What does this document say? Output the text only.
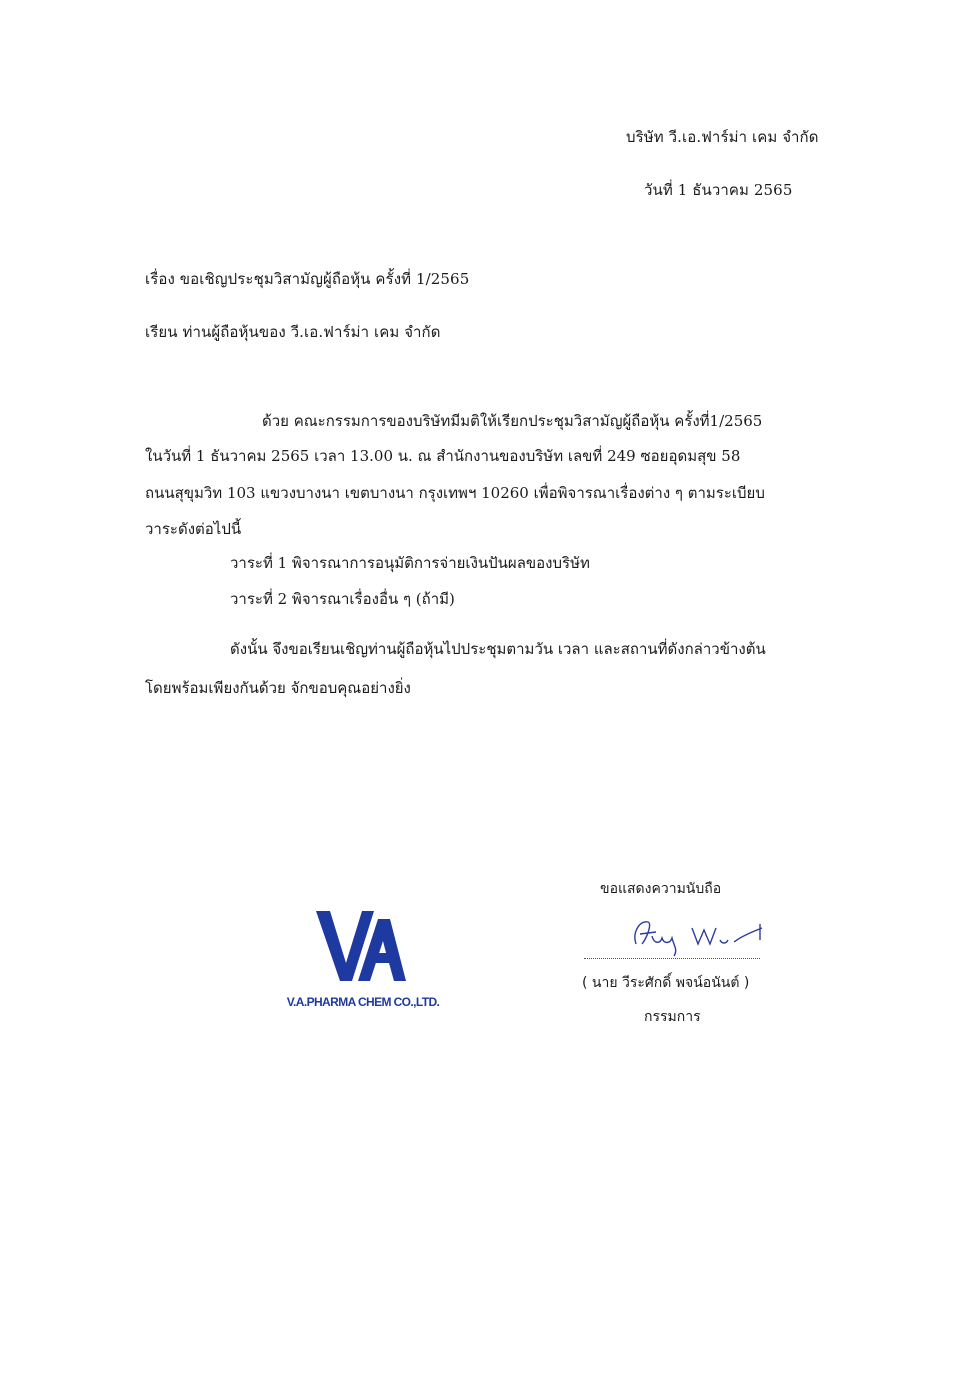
บริษัท วี.เอ.ฟาร์ม่า เคม จำกัด
วันที่ 1 ธันวาคม 2565
เรื่อง ขอเชิญประชุมวิสามัญผู้ถือหุ้น ครั้งที่ 1/2565
เรียน ท่านผู้ถือหุ้นของ วี.เอ.ฟาร์ม่า เคม จำกัด
ด้วย คณะกรรมการของบริษัทมีมติให้เรียกประชุมวิสามัญผู้ถือหุ้น ครั้งที่1/2565
ในวันที่ 1 ธันวาคม 2565 เวลา 13.00 น. ณ สำนักงานของบริษัท เลขที่ 249 ซอยอุดมสุข 58
ถนนสุขุมวิท 103 แขวงบางนา เขตบางนา กรุงเทพฯ 10260 เพื่อพิจารณาเรื่องต่าง ๆ ตามระเบียบ
วาระดังต่อไปนี้
วาระที่ 1 พิจารณาการอนุมัติการจ่ายเงินปันผลของบริษัท
วาระที่ 2 พิจารณาเรื่องอื่น ๆ (ถ้ามี)
ดังนั้น จึงขอเรียนเชิญท่านผู้ถือหุ้นไปประชุมตามวัน เวลา และสถานที่ดังกล่าวข้างต้น
โดยพร้อมเพียงกันด้วย จักขอบคุณอย่างยิ่ง
V.A.PHARMA CHEM CO.,LTD.
ขอแสดงความนับถือ
( นาย วีระศักดิ์ พจน์อนันต์ )
กรรมการ
